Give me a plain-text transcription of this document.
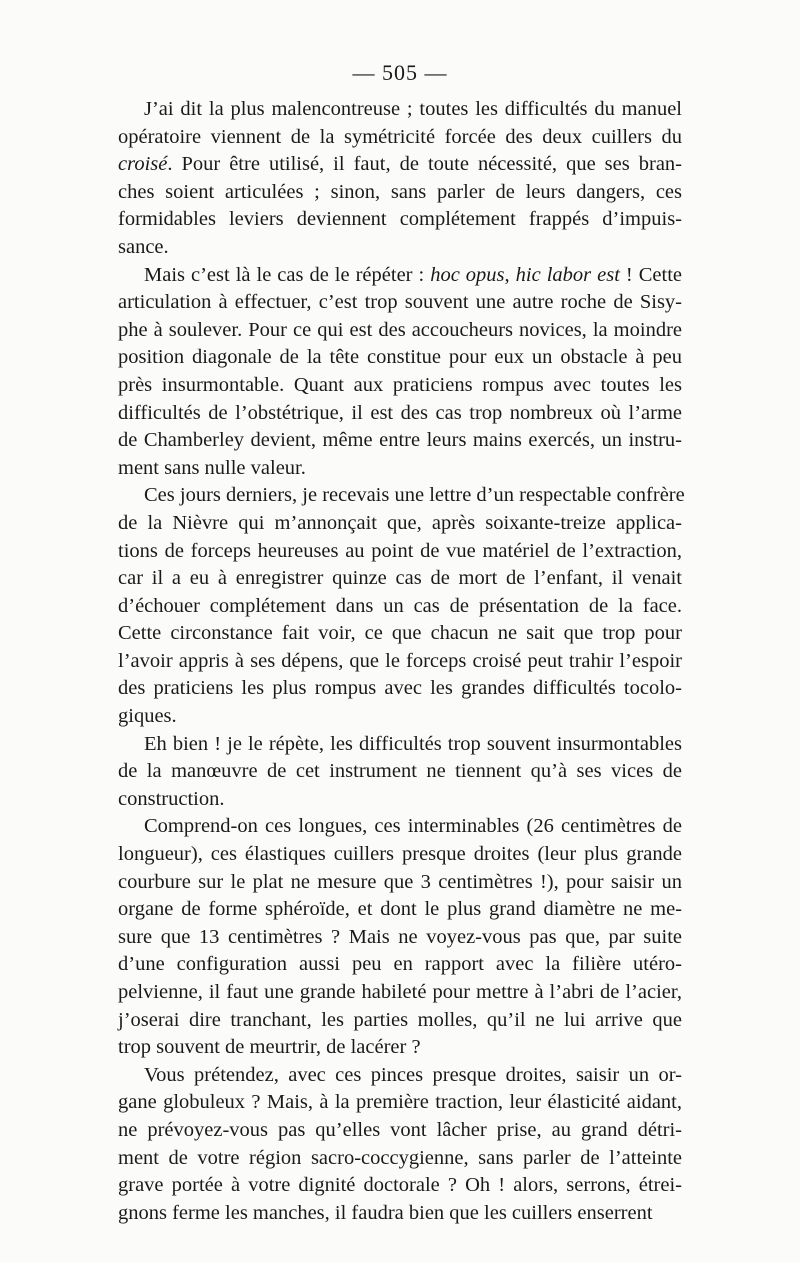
— 505 —
J’ai dit la plus malencontreuse ; toutes les difficultés du manuel
opératoire viennent de la symétricité forcée des deux cuillers du
croisé. Pour être utilisé, il faut, de toute nécessité, que ses bran-
ches soient articulées ; sinon, sans parler de leurs dangers, ces
formidables leviers deviennent complétement frappés d’impuis-
sance.
Mais c’est là le cas de le répéter : hoc opus, hic labor est ! Cette
articulation à effectuer, c’est trop souvent une autre roche de Sisy-
phe à soulever. Pour ce qui est des accoucheurs novices, la moindre
position diagonale de la tête constitue pour eux un obstacle à peu
près insurmontable. Quant aux praticiens rompus avec toutes les
difficultés de l’obstétrique, il est des cas trop nombreux où l’arme
de Chamberley devient, même entre leurs mains exercés, un instru-
ment sans nulle valeur.
Ces jours derniers, je recevais une lettre d’un respectable confrère
de la Nièvre qui m’annonçait que, après soixante-treize applica-
tions de forceps heureuses au point de vue matériel de l’extraction,
car il a eu à enregistrer quinze cas de mort de l’enfant, il venait
d’échouer complétement dans un cas de présentation de la face.
Cette circonstance fait voir, ce que chacun ne sait que trop pour
l’avoir appris à ses dépens, que le forceps croisé peut trahir l’espoir
des praticiens les plus rompus avec les grandes difficultés tocolo-
giques.
Eh bien ! je le répète, les difficultés trop souvent insurmontables
de la manœuvre de cet instrument ne tiennent qu’à ses vices de
construction.
Comprend-on ces longues, ces interminables (26 centimètres de
longueur), ces élastiques cuillers presque droites (leur plus grande
courbure sur le plat ne mesure que 3 centimètres !), pour saisir un
organe de forme sphéroïde, et dont le plus grand diamètre ne me-
sure que 13 centimètres ? Mais ne voyez-vous pas que, par suite
d’une configuration aussi peu en rapport avec la filière utéro-
pelvienne, il faut une grande habileté pour mettre à l’abri de l’acier,
j’oserai dire tranchant, les parties molles, qu’il ne lui arrive que
trop souvent de meurtrir, de lacérer ?
Vous prétendez, avec ces pinces presque droites, saisir un or-
gane globuleux ? Mais, à la première traction, leur élasticité aidant,
ne prévoyez-vous pas qu’elles vont lâcher prise, au grand détri-
ment de votre région sacro-coccygienne, sans parler de l’atteinte
grave portée à votre dignité doctorale ? Oh ! alors, serrons, étrei-
gnons ferme les manches, il faudra bien que les cuillers enserrent
